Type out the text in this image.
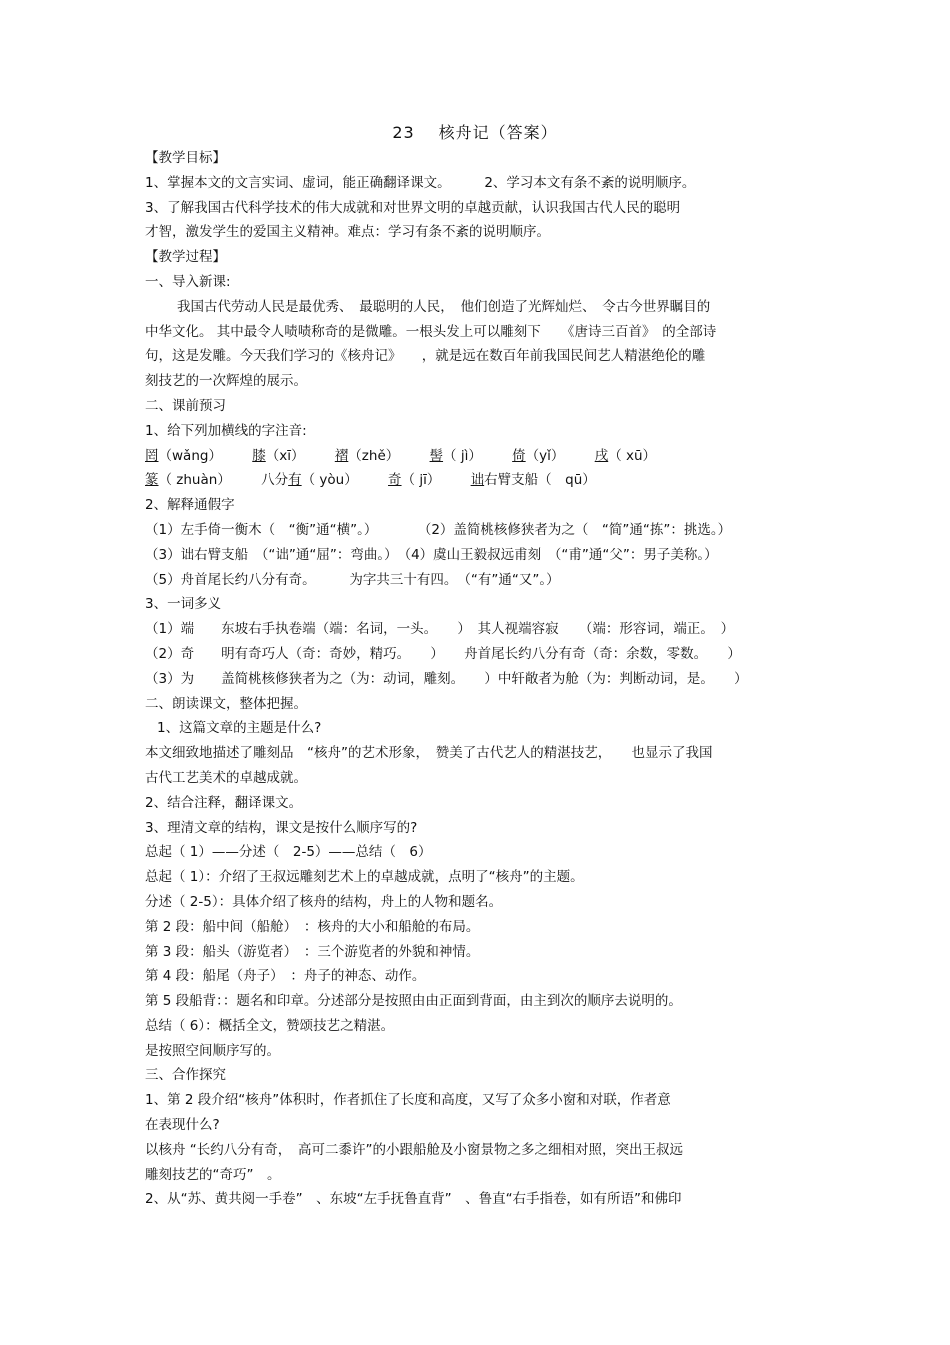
23 核舟记（答案）
【教学目标】
1、掌握本文的文言实词、虚词，能正确翻译课文。　　　2、学习本文有条不紊的说明顺序。
3、了解我国古代科学技术的伟大成就和对世界文明的卓越贡献，认识我国古代人民的聪明
才智，激发学生的爱国主义精神。难点：学习有条不紊的说明顺序。
【教学过程】
一、导入新课:
我国古代劳动人民是最优秀、　最聪明的人民，　他们创造了光辉灿烂、　令古今世界瞩目的
中华文化。 其中最令人啧啧称奇的是微雕。一根头发上可以雕刻下　　《唐诗三百首》　的全部诗
句，这是发雕。今天我们学习的《核舟记》　　，就是远在数百年前我国民间艺人精湛绝伦的雕
刻技艺的一次辉煌的展示。
二、课前预习
1、给下列加横线的字注音:
罔（wǎng） 膝（xī） 褶（zhě） 髻（ jì） 倚（yǐ） 戌（ xū）
篆（ zhuàn） 八分有（ yòu） 奇（ jī） 诎右臂支船（　qū）
2、解释通假字
（1）左手倚一衡木（　“衡”通“横”。）　　　　（2）盖简桃核修狭者为之（　“简”通“拣”：挑选。）
（3）诎右臂支船　（“诎”通“屈”：弯曲。）　（4）虞山王毅叔远甫刻　（“甫”通“父”：男子美称。）
（5）舟首尾长约八分有奇。　　　为字共三十有四。　（“有”通“又”。）
3、一词多义
（1）端　　东坡右手执卷端（端：名词，一头。　　）　其人视端容寂　　（端：形容词，端正。　）
（2）奇　　明有奇巧人（奇：奇妙，精巧。　　）　　舟首尾长约八分有奇（奇：余数，零数。　　）
（3）为　　盖简桃核修狭者为之（为：动词，雕刻。　　）中轩敞者为舱（为：判断动词，是。　　）
二、朗读课文，整体把握。
1、这篇文章的主题是什么?
本文细致地描述了雕刻品　“核舟”的艺术形象，　赞美了古代艺人的精湛技艺，　　也显示了我国
古代工艺美术的卓越成就。
2、结合注释，翻译课文。
3、理清文章的结构，课文是按什么顺序写的?
总起（ 1）——分述（　2-5）——总结（　6）
总起（ 1）：介绍了王叔远雕刻艺术上的卓越成就，点明了“核舟”的主题。
分述（ 2-5）：具体介绍了核舟的结构，舟上的人物和题名。
第 2 段：船中间（船舱）　：核舟的大小和船舱的布局。
第 3 段：船头（游览者）　：三个游览者的外貌和神情。
第 4 段：船尾（舟子）　：舟子的神态、动作。
第 5 段船背：：题名和印章。分述部分是按照由由正面到背面，由主到次的顺序去说明的。
总结（ 6）：概括全文，赞颂技艺之精湛。
是按照空间顺序写的。
三、合作探究
1、第 2 段介绍“核舟”体积时，作者抓住了长度和高度，又写了众多小窗和对联，作者意
在表现什么?
以核舟 “长约八分有奇，　高可二黍许”的小跟船舱及小窗景物之多之细相对照，突出王叔远
雕刻技艺的“奇巧”　。
2、从“苏、黄共阅一手卷”　、东坡“左手抚鲁直背”　、鲁直“右手指卷，如有所语”和佛印
